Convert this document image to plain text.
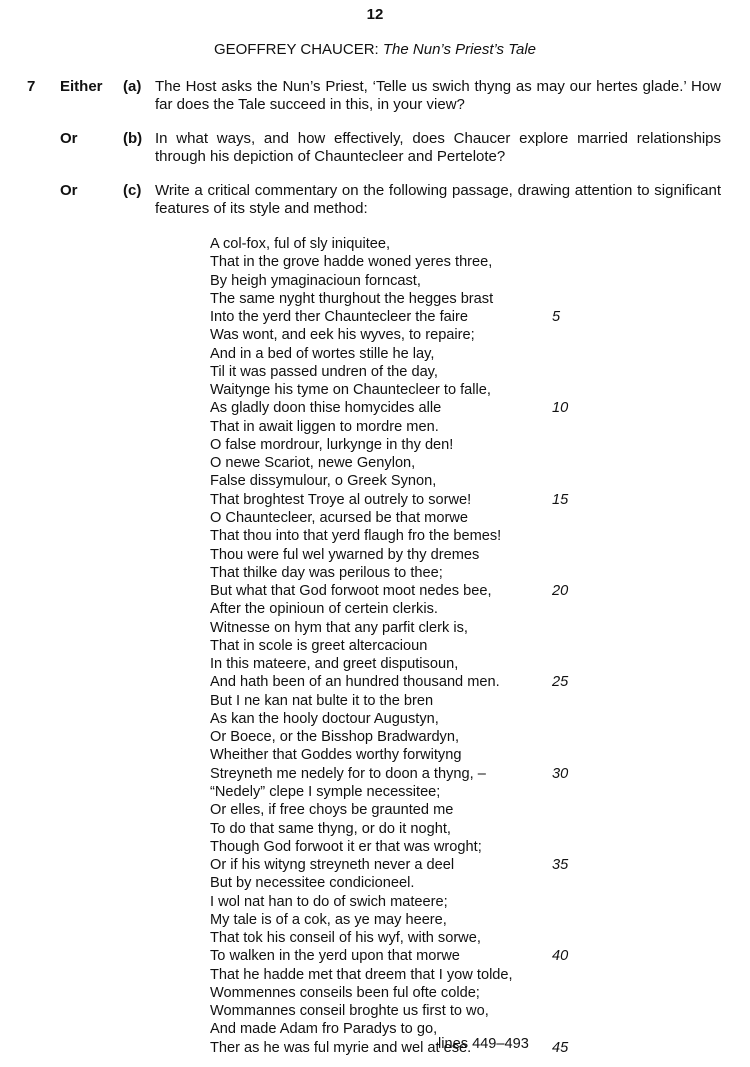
12
GEOFFREY CHAUCER: The Nun’s Priest’s Tale
7 Either (a) The Host asks the Nun’s Priest, ‘Telle us swich thyng as may our hertes glade.’ How far does the Tale succeed in this, in your view?
Or	(b) In what ways, and how effectively, does Chaucer explore married relationships through his depiction of Chauntecleer and Pertelote?
Or	(c) Write a critical commentary on the following passage, drawing attention to significant features of its style and method:
A col-fox, ful of sly iniquitee,
That in the grove hadde woned yeres three,
By heigh ymaginacioun forncast,
The same nyght thurghout the hegges brast
Into the yerd ther Chauntecleer the faire	5
Was wont, and eek his wyves, to repaire;
And in a bed of wortes stille he lay,
Til it was passed undren of the day,
Waitynge his tyme on Chauntecleer to falle,
As gladly doon thise homycides alle	10
That in await liggen to mordre men.
O false mordrour, lurkynge in thy den!
O newe Scariot, newe Genylon,
False dissymulour, o Greek Synon,
That broghtest Troye al outrely to sorwe!	15
O Chauntecleer, acursed be that morwe
That thou into that yerd flaugh fro the bemes!
Thou were ful wel ywarned by thy dremes
That thilke day was perilous to thee;
But what that God forwoot moot nedes bee,	20
After the opinioun of certein clerkis.
Witnesse on hym that any parfit clerk is,
That in scole is greet altercacioun
In this mateere, and greet disputisoun,
And hath been of an hundred thousand men.	25
But I ne kan nat bulte it to the bren
As kan the hooly doctour Augustyn,
Or Boece, or the Bisshop Bradwardyn,
Wheither that Goddes worthy forwityng
Streyneth me nedely for to doon a thyng, –	30
“Nedely” clepe I symple necessitee;
Or elles, if free choys be graunted me
To do that same thyng, or do it noght,
Though God forwoot it er that was wroght;
Or if his wityng streyneth never a deel	35
But by necessitee condicioneel.
I wol nat han to do of swich mateere;
My tale is of a cok, as ye may heere,
That tok his conseil of his wyf, with sorwe,
To walken in the yerd upon that morwe	40
That he hadde met that dreem that I yow tolde,
Wommennes conseils been ful ofte colde;
Wommannes conseil broghte us first to wo,
And made Adam fro Paradys to go,
Ther as he was ful myrie and wel at ese.	45
lines 449–493
